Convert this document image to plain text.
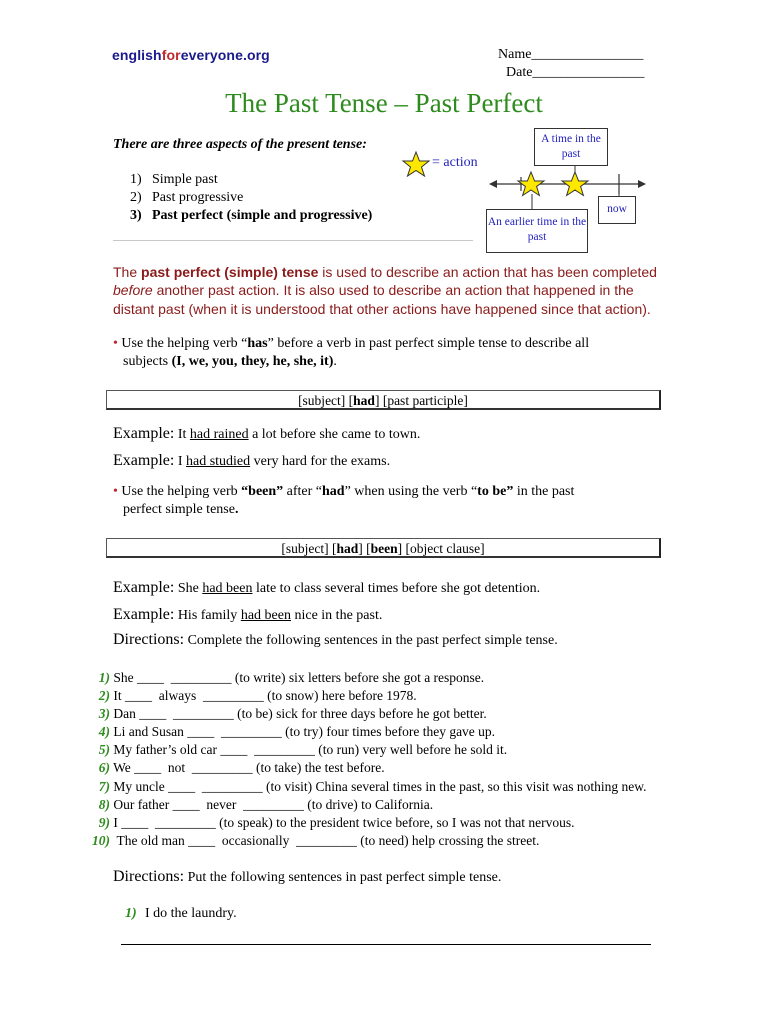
englishforeveryone.org	Name________________
Date________________
The Past Tense – Past Perfect
There are three aspects of the present tense:
1) Simple past
2) Past progressive
3) Past perfect (simple and progressive)
= action
A time in the past
An earlier time in the past
now
The past perfect (simple) tense is used to describe an action that has been completed before another past action. It is also used to describe an action that happened in the distant past (when it is understood that other actions have happened since that action).
• Use the helping verb “has” before a verb in past perfect simple tense to describe all
subjects (I, we, you, they, he, she, it).
[subject] [had] [past participle]
Example: It had rained a lot before she came to town.
Example: I had studied very hard for the exams.
• Use the helping verb “been” after “had” when using the verb “to be” in the past
perfect simple tense.
[subject] [had] [been] [object clause]
Example: She had been late to class several times before she got detention.
Example: His family had been nice in the past.
Directions: Complete the following sentences in the past perfect simple tense.
1) She ____  _________ (to write) six letters before she got a response.
2) It ____  always  _________ (to snow) here before 1978.
3) Dan ____  _________ (to be) sick for three days before he got better.
4) Li and Susan ____  _________ (to try) four times before they gave up.
5) My father’s old car ____  _________ (to run) very well before he sold it.
6) We ____  not  _________ (to take) the test before.
7) My uncle ____  _________ (to visit) China several times in the past, so this visit was nothing new.
8) Our father ____  never  _________ (to drive) to California.
9) I ____  _________ (to speak) to the president twice before, so I was not that nervous.
10)  The old man ____  occasionally  _________ (to need) help crossing the street.
Directions: Put the following sentences in past perfect simple tense.
1) I do the laundry.
